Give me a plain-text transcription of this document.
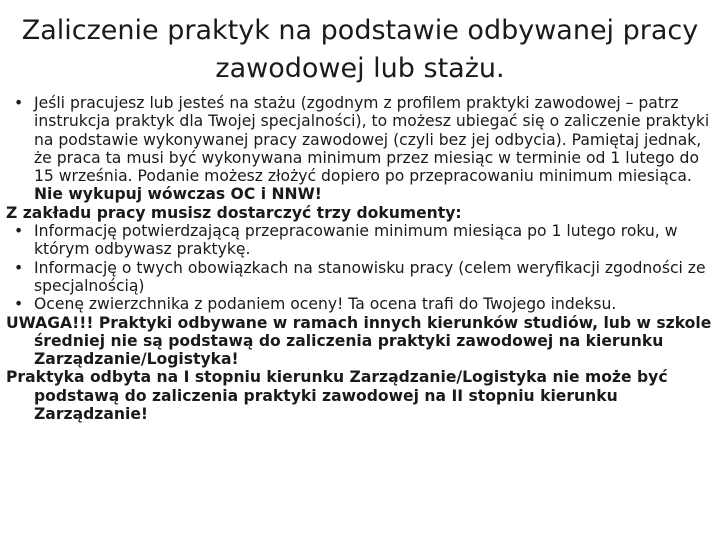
Zaliczenie praktyk na podstawie odbywanej pracy
zawodowej lub stażu.

• Jeśli pracujesz lub jesteś na stażu (zgodnym z profilem praktyki zawodowej – patrz instrukcja praktyk dla Twojej specjalności), to możesz ubiegać się o zaliczenie praktyki na podstawie wykonywanej pracy zawodowej (czyli bez jej odbycia). Pamiętaj jednak, że praca ta musi być wykonywana minimum przez miesiąc w terminie od 1 lutego do 15 września. Podanie możesz złożyć dopiero po przepracowaniu minimum miesiąca. Nie wykupuj wówczas OC i NNW!

Z zakładu pracy musisz dostarczyć trzy dokumenty:

• Informację potwierdzającą przepracowanie minimum miesiąca po 1 lutego roku, w którym odbywasz praktykę.

• Informację o twych obowiązkach na stanowisku pracy (celem weryfikacji zgodności ze specjalnością)

• Ocenę zwierzchnika z podaniem oceny! Ta ocena trafi do Twojego indeksu.

UWAGA!!! Praktyki odbywane w ramach innych kierunków studiów, lub w szkole średniej nie są podstawą do zaliczenia praktyki zawodowej na kierunku Zarządzanie/Logistyka!

Praktyka odbyta na I stopniu kierunku Zarządzanie/Logistyka nie może być podstawą do zaliczenia praktyki zawodowej na II stopniu kierunku Zarządzanie!
